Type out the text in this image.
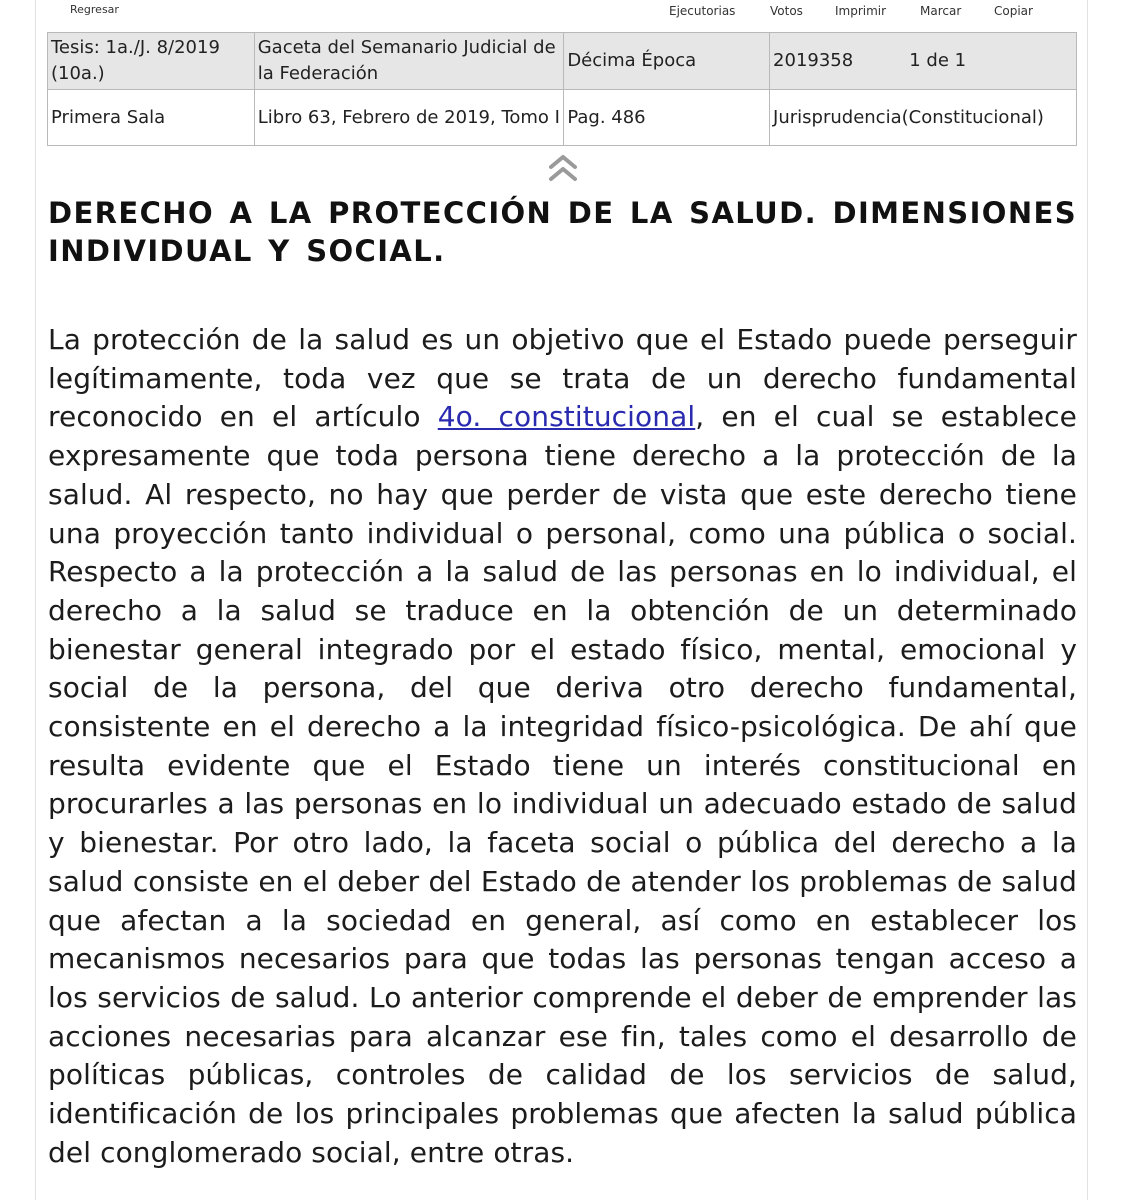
Regresar	Ejecutorias	Votos	Imprimir	Marcar	Copiar
Tesis: 1a./J. 8/2019 (10a.)	Gaceta del Semanario Judicial de la Federación	Décima Época	2019358 1 de 1
Primera Sala	Libro 63, Febrero de 2019, Tomo I	Pag. 486	Jurisprudencia(Constitucional)
DERECHO A LA PROTECCIÓN DE LA SALUD. DIMENSIONES INDIVIDUAL Y SOCIAL.

La protección de la salud es un objetivo que el Estado puede perseguir legítimamente, toda vez que se trata de un derecho fundamental reconocido en el artículo 4o. constitucional, en el cual se establece expresamente que toda persona tiene derecho a la protección de la salud. Al respecto, no hay que perder de vista que este derecho tiene una proyección tanto individual o personal, como una pública o social. Respecto a la protección a la salud de las personas en lo individual, el derecho a la salud se traduce en la obtención de un determinado bienestar general integrado por el estado físico, mental, emocional y social de la persona, del que deriva otro derecho fundamental, consistente en el derecho a la integridad físico-psicológica. De ahí que resulta evidente que el Estado tiene un interés constitucional en procurarles a las personas en lo individual un adecuado estado de salud y bienestar. Por otro lado, la faceta social o pública del derecho a la salud consiste en el deber del Estado de atender los problemas de salud que afectan a la sociedad en general, así como en establecer los mecanismos necesarios para que todas las personas tengan acceso a los servicios de salud. Lo anterior comprende el deber de emprender las acciones necesarias para alcanzar ese fin, tales como el desarrollo de políticas públicas, controles de calidad de los servicios de salud, identificación de los principales problemas que afecten la salud pública del conglomerado social, entre otras.
